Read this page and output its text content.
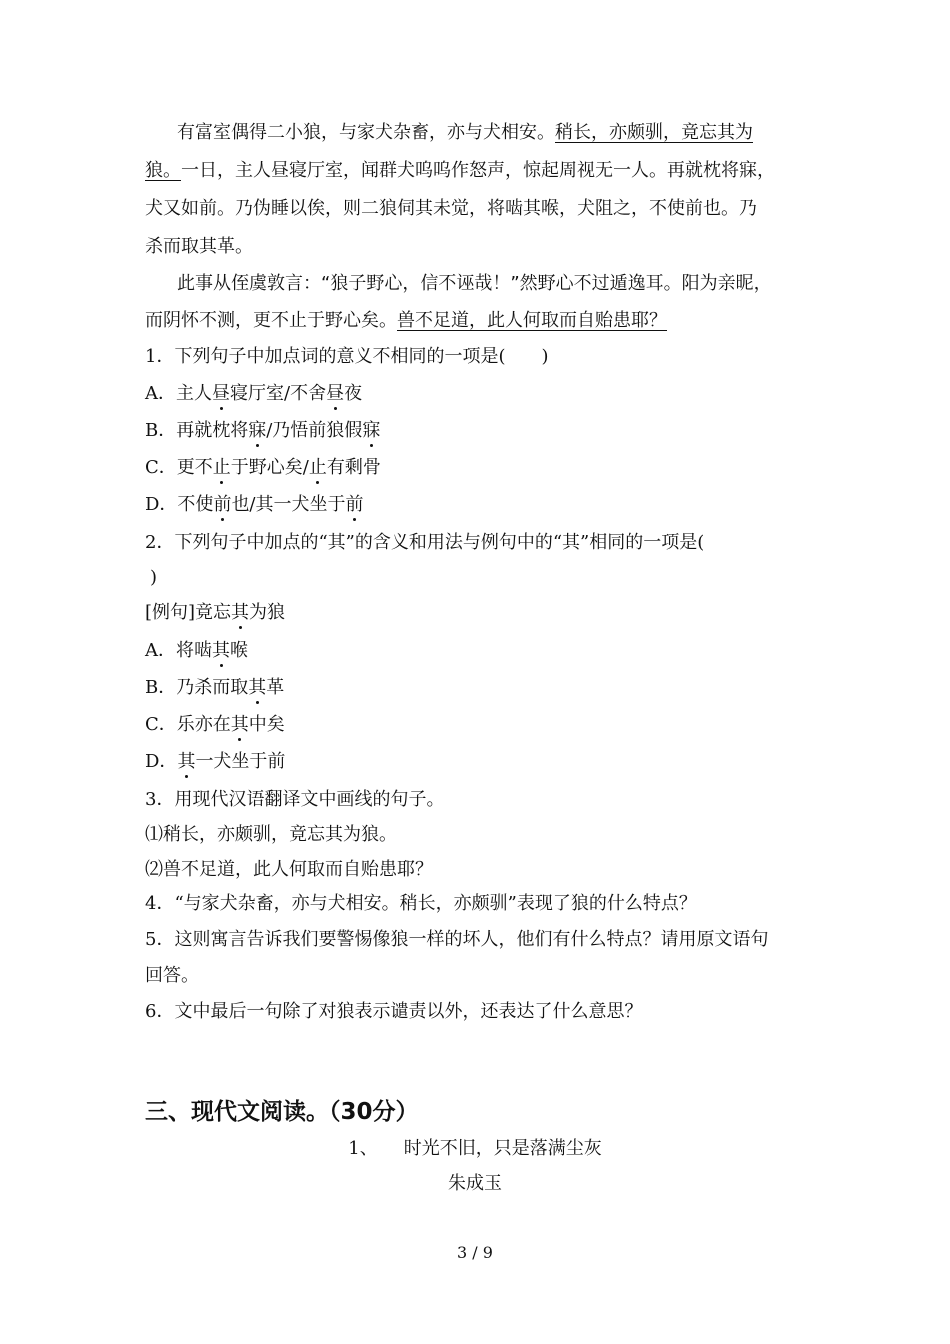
有富室偶得二小狼，与家犬杂畜，亦与犬相安。稍长，亦颇驯，竟忘其为
狼。一日，主人昼寝厅室，闻群犬呜呜作怒声，惊起周视无一人。再就枕将寐，
犬又如前。乃伪睡以俟，则二狼伺其未觉，将啮其喉，犬阻之，不使前也。乃
杀而取其革。
此事从侄虞敦言：“狼子野心，信不诬哉！”然野心不过遁逸耳。阳为亲昵，
而阴怀不测，更不止于野心矣。兽不足道，此人何取而自贻患耶？
1．下列句子中加点词的意义不相同的一项是(　　)
A．主人昼寝厅室/不舍昼夜
B．再就枕将寐/乃悟前狼假寐
C．更不止于野心矣/止有剩骨
D．不使前也/其一犬坐于前
2．下列句子中加点的“其”的含义和用法与例句中的“其”相同的一项是(
)
[例句]竟忘其为狼
A．将啮其喉
B．乃杀而取其革
C．乐亦在其中矣
D．其一犬坐于前
3．用现代汉语翻译文中画线的句子。
⑴稍长，亦颇驯，竟忘其为狼。
⑵兽不足道，此人何取而自贻患耶？
4．“与家犬杂畜，亦与犬相安。稍长，亦颇驯”表现了狼的什么特点？
5．这则寓言告诉我们要警惕像狼一样的坏人，他们有什么特点？请用原文语句
回答。
6．文中最后一句除了对狼表示谴责以外，还表达了什么意思？
三、现代文阅读。（30分）
1、 时光不旧，只是落满尘灰
朱成玉
3 / 9
